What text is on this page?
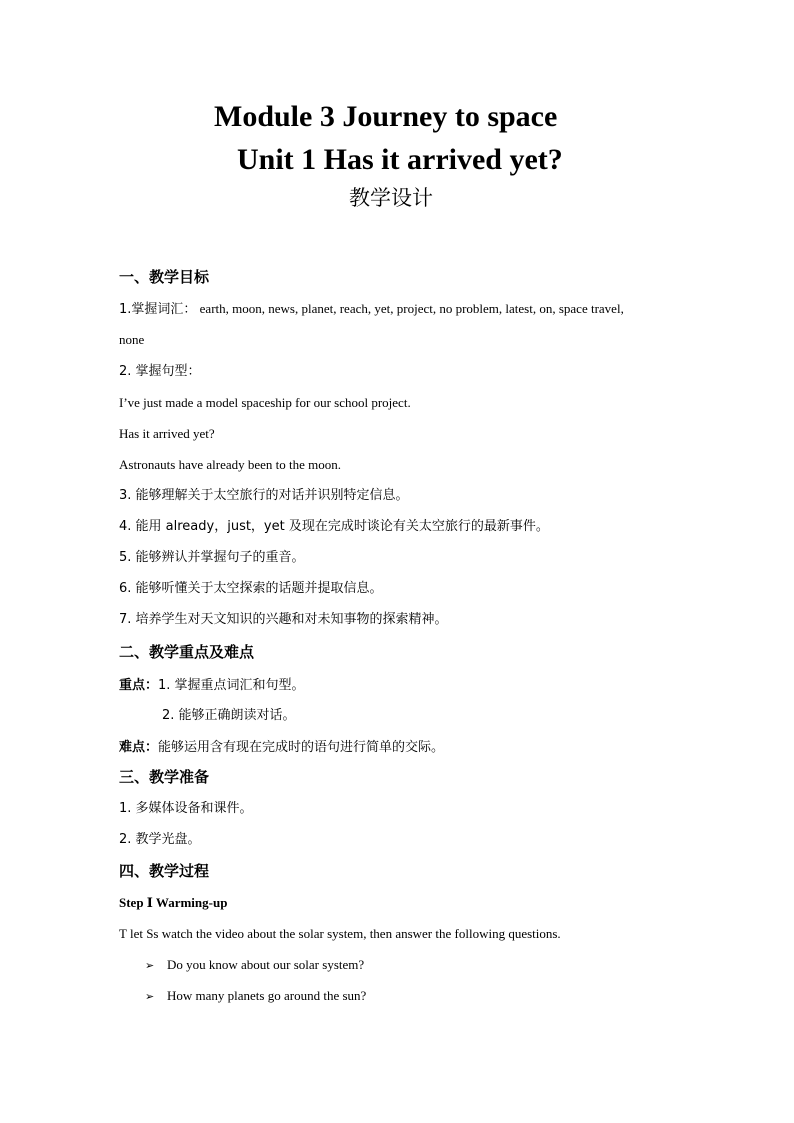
Module 3 Journey to space
Unit 1 Has it arrived yet?
教学设计
一、教学目标
1.掌握词汇： earth, moon, news, planet, reach, yet, project, no problem, latest, on, space travel,
none
2. 掌握句型：
I’ve just made a model spaceship for our school project.
Has it arrived yet?
Astronauts have already been to the moon.
3. 能够理解关于太空旅行的对话并识别特定信息。
4. 能用 already，just，yet 及现在完成时谈论有关太空旅行的最新事件。
5. 能够辨认并掌握句子的重音。
6. 能够听懂关于太空探索的话题并提取信息。
7. 培养学生对天文知识的兴趣和对未知事物的探索精神。
二、教学重点及难点
重点：1. 掌握重点词汇和句型。
2. 能够正确朗读对话。
难点：能够运用含有现在完成时的语句进行简单的交际。
三、教学准备
1. 多媒体设备和课件。
2. 教学光盘。
四、教学过程
Step Ⅰ Warming-up
T let Ss watch the video about the solar system, then answer the following questions.
➢ Do you know about our solar system?
➢ How many planets go around the sun?
